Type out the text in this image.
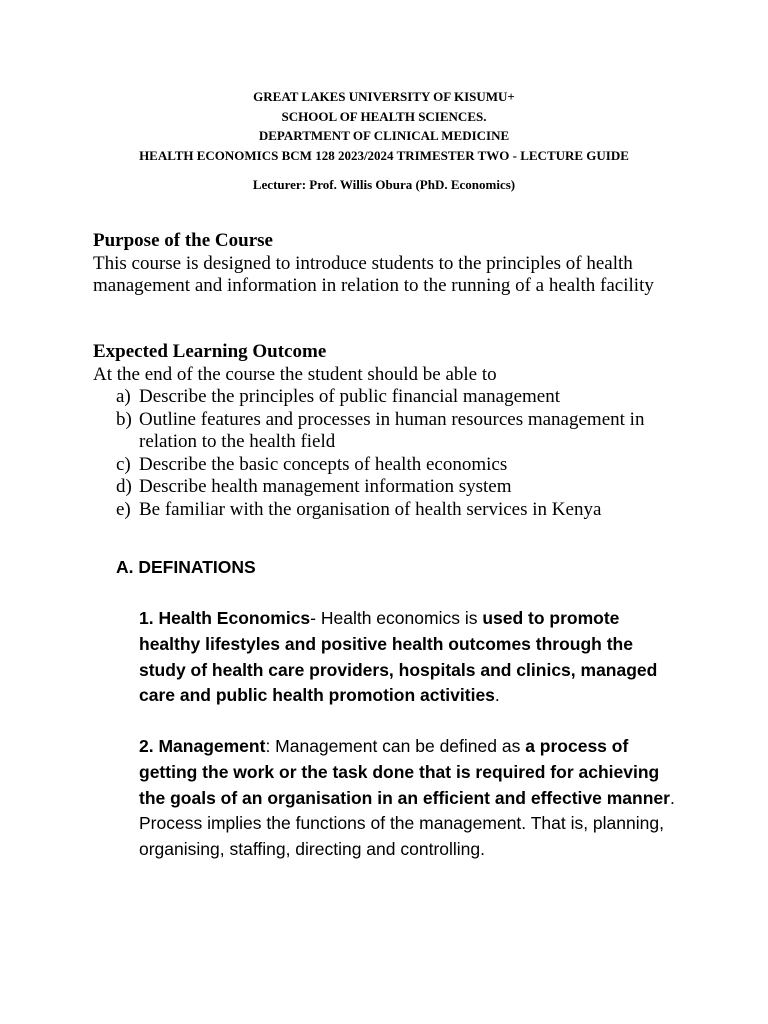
GREAT LAKES UNIVERSITY OF KISUMU+
SCHOOL OF HEALTH SCIENCES.
DEPARTMENT OF CLINICAL MEDICINE
HEALTH ECONOMICS BCM 128 2023/2024 TRIMESTER TWO - LECTURE GUIDE
Lecturer: Prof. Willis Obura (PhD. Economics)
Purpose of the Course
This course is designed to introduce students to the principles of health management and information in relation to the running of a health facility
Expected Learning Outcome
At the end of the course the student should be able to
a) Describe the principles of public financial management
b) Outline features and processes in human resources management in relation to the health field
c) Describe the basic concepts of health economics
d) Describe health management information system
e) Be familiar with the organisation of health services in Kenya
A. DEFINATIONS
1. Health Economics- Health economics is used to promote healthy lifestyles and positive health outcomes through the study of health care providers, hospitals and clinics, managed care and public health promotion activities.
2. Management: Management can be defined as a process of getting the work or the task done that is required for achieving the goals of an organisation in an efficient and effective manner. Process implies the functions of the management. That is, planning, organising, staffing, directing and controlling.
